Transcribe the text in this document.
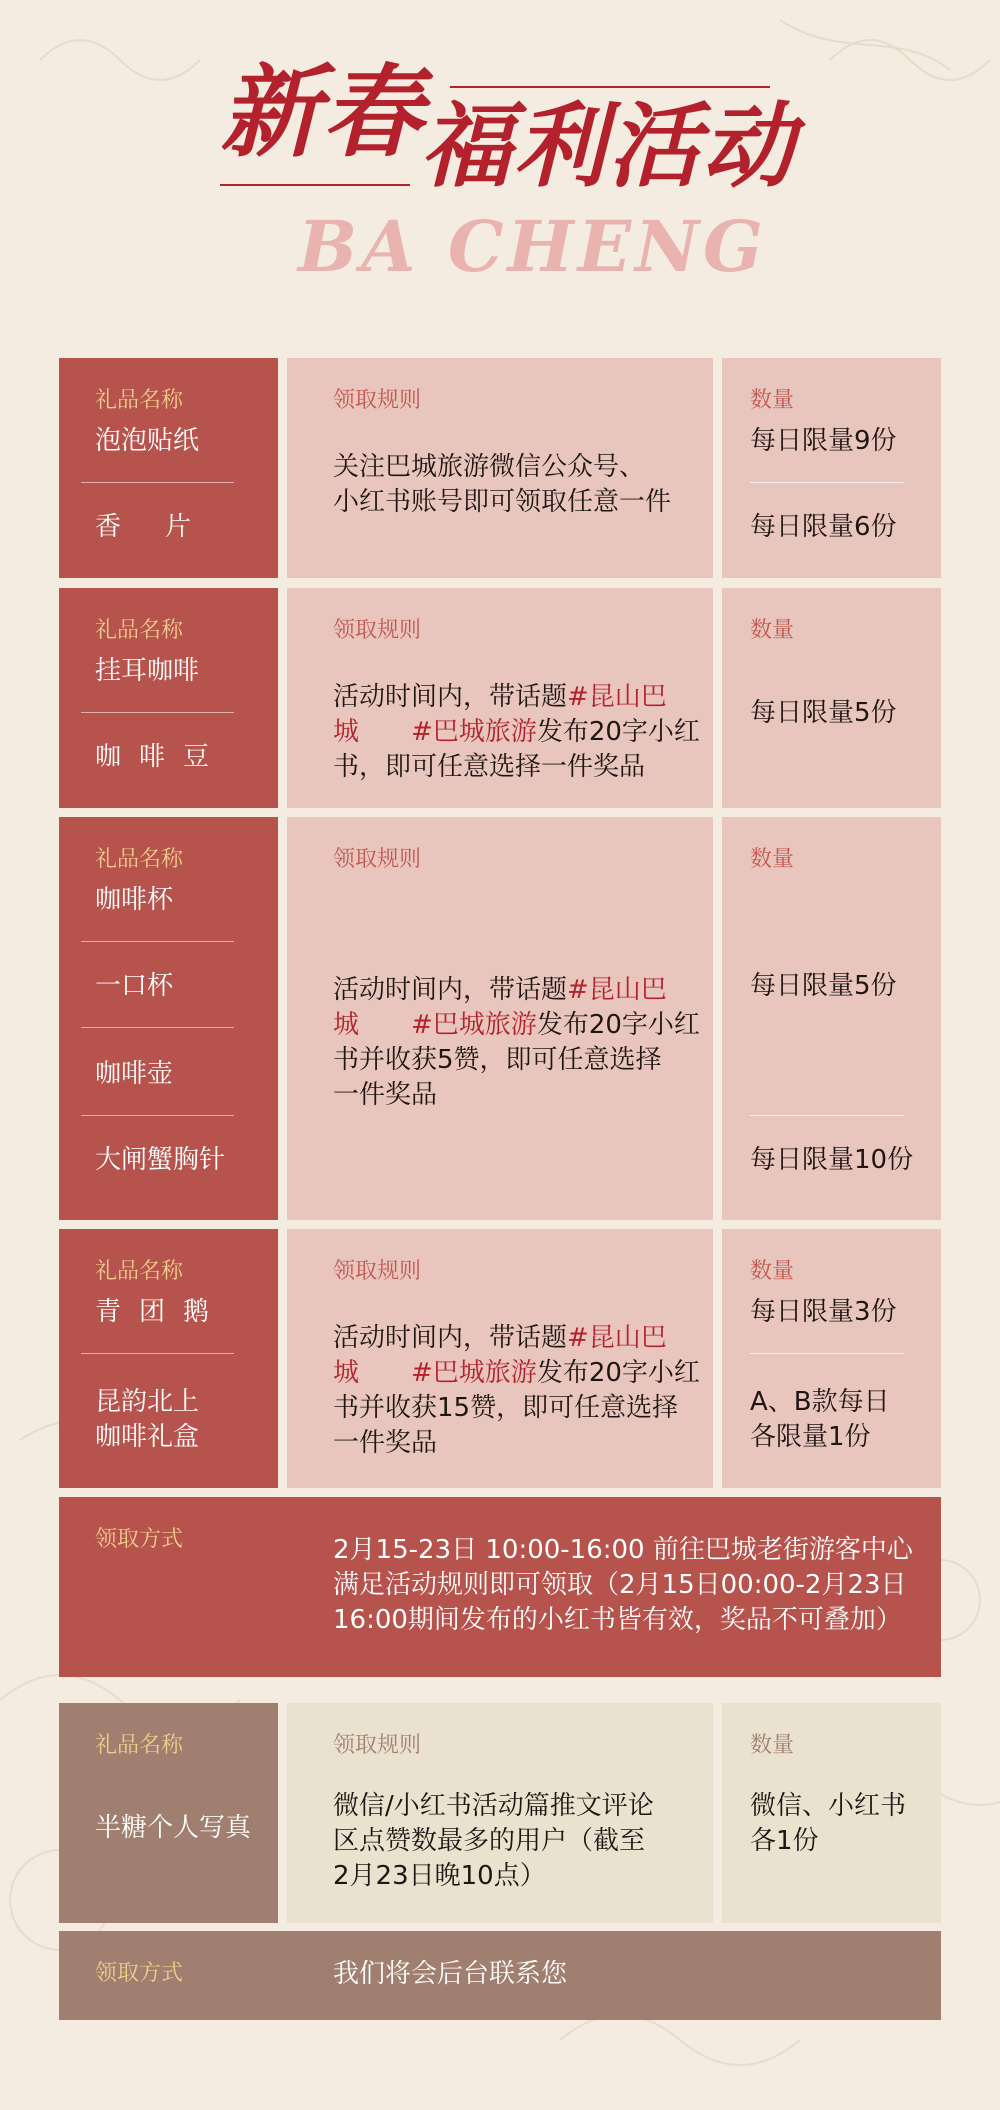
新春
福利活动
BA CHENG
礼品名称
泡泡贴纸
香片
领取规则
关注巴城旅游微信公众号、
小红书账号即可领取任意一件
数量
每日限量9份
每日限量6份
礼品名称
挂耳咖啡
咖啡豆
领取规则
活动时间内，带话题#昆山巴
城 #巴城旅游发布20字小红
书，即可任意选择一件奖品
数量
每日限量5份
礼品名称
咖啡杯
一口杯
咖啡壶
大闸蟹胸针
领取规则
活动时间内，带话题#昆山巴
城 #巴城旅游发布20字小红
书并收获5赞，即可任意选择
一件奖品
数量
每日限量5份
每日限量10份
礼品名称
青团鹅
昆韵北上
咖啡礼盒
领取规则
活动时间内，带话题#昆山巴
城 #巴城旅游发布20字小红
书并收获15赞，即可任意选择
一件奖品
数量
每日限量3份
A、B款每日
各限量1份
领取方式	2月15-23日 10:00-16:00 前往巴城老街游客中心
满足活动规则即可领取（2月15日00:00-2月23日
16:00期间发布的小红书皆有效，奖品不可叠加）
礼品名称
半糖个人写真
领取规则
微信/小红书活动篇推文评论
区点赞数最多的用户（截至
2月23日晚10点）
数量
微信、小红书
各1份
领取方式	我们将会后台联系您
